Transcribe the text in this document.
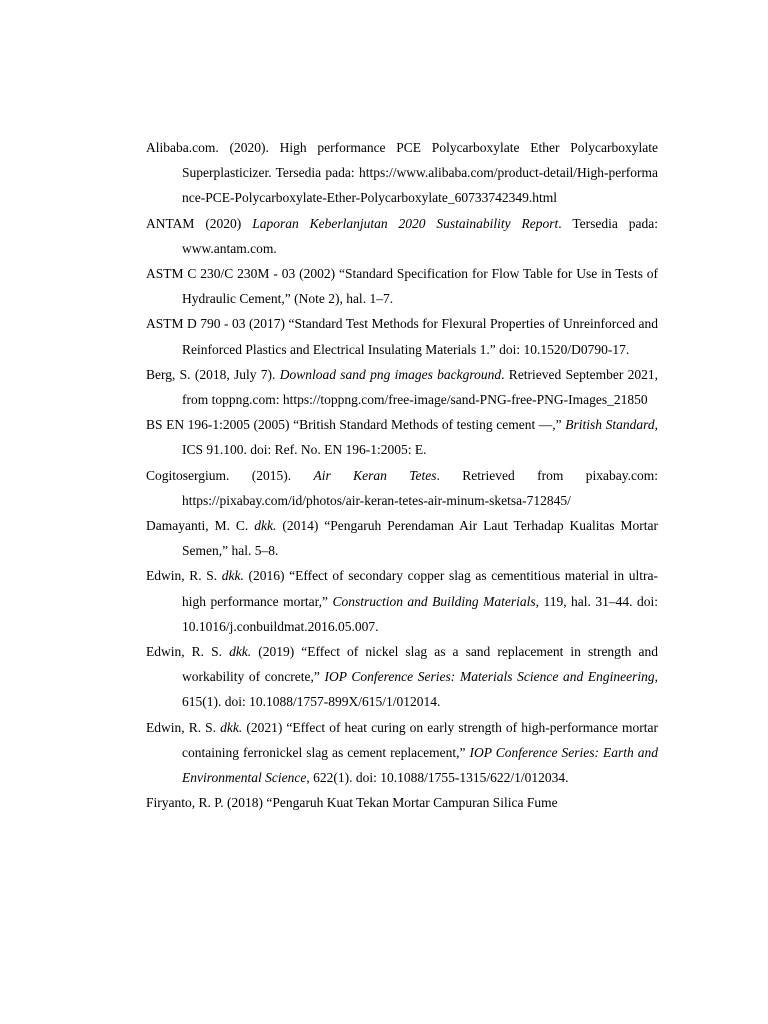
Alibaba.com. (2020). High performance PCE Polycarboxylate Ether Polycarboxylate Superplasticizer. Tersedia pada: https://www.alibaba.com/product-detail/High-performance-PCE-Polycarboxylate-Ether-Polycarboxylate_60733742349.html
ANTAM (2020) Laporan Keberlanjutan 2020 Sustainability Report. Tersedia pada: www.antam.com.
ASTM C 230/C 230M - 03 (2002) “Standard Specification for Flow Table for Use in Tests of Hydraulic Cement,” (Note 2), hal. 1–7.
ASTM D 790 - 03 (2017) “Standard Test Methods for Flexural Properties of Unreinforced and Reinforced Plastics and Electrical Insulating Materials 1.” doi: 10.1520/D0790-17.
Berg, S. (2018, July 7). Download sand png images background. Retrieved September 2021, from toppng.com: https://toppng.com/free-image/sand-PNG-free-PNG-Images_21850
BS EN 196-1:2005 (2005) “British Standard Methods of testing cement —,” British Standard, ICS 91.100. doi: Ref. No. EN 196-1:2005: E.
Cogitosergium. (2015). Air Keran Tetes. Retrieved from pixabay.com: https://pixabay.com/id/photos/air-keran-tetes-air-minum-sketsa-712845/
Damayanti, M. C. dkk. (2014) “Pengaruh Perendaman Air Laut Terhadap Kualitas Mortar Semen,” hal. 5–8.
Edwin, R. S. dkk. (2016) “Effect of secondary copper slag as cementitious material in ultra-high performance mortar,” Construction and Building Materials, 119, hal. 31–44. doi: 10.1016/j.conbuildmat.2016.05.007.
Edwin, R. S. dkk. (2019) “Effect of nickel slag as a sand replacement in strength and workability of concrete,” IOP Conference Series: Materials Science and Engineering, 615(1). doi: 10.1088/1757-899X/615/1/012014.
Edwin, R. S. dkk. (2021) “Effect of heat curing on early strength of high-performance mortar containing ferronickel slag as cement replacement,” IOP Conference Series: Earth and Environmental Science, 622(1). doi: 10.1088/1755-1315/622/1/012034.
Firyanto, R. P. (2018) “Pengaruh Kuat Tekan Mortar Campuran Silica Fume
